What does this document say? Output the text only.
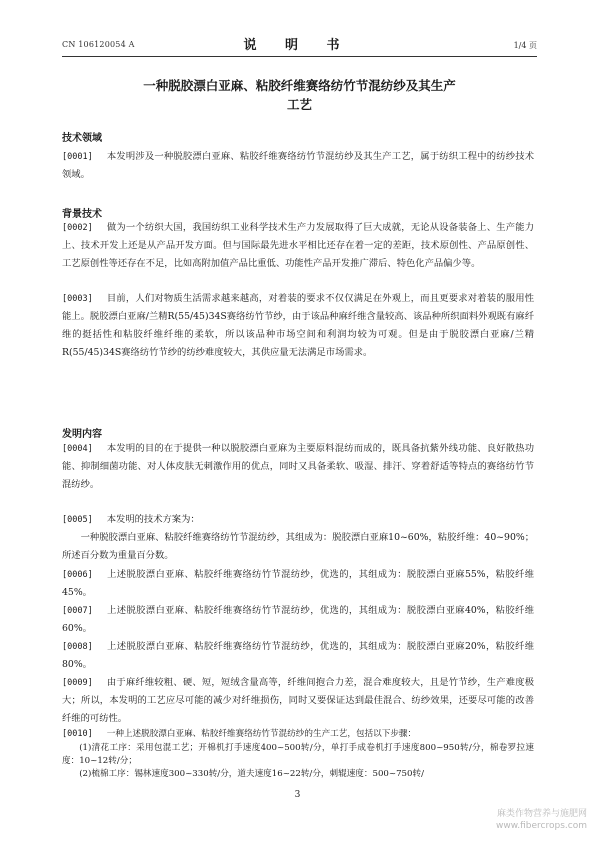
CN 106120054 A	说 明 书	1/4 页
一种脱胶漂白亚麻、粘胶纤维赛络纺竹节混纺纱及其生产
工艺
技术领域
[0001] 本发明涉及一种脱胶漂白亚麻、粘胶纤维赛络纺竹节混纺纱及其生产工艺，属于纺织工程中的纺纱技术领域。
背景技术
[0002] 做为一个纺织大国，我国纺织工业科学技术生产力发展取得了巨大成就，无论从设备装备上、生产能力上、技术开发上还是从产品开发方面。但与国际最先进水平相比还存在着一定的差距，技术原创性、产品原创性、工艺原创性等还存在不足，比如高附加值产品比重低、功能性产品开发推广滞后、特色化产品偏少等。
[0003] 目前，人们对物质生活需求越来越高，对着装的要求不仅仅满足在外观上，而且更要求对着装的服用性能上。脱胶漂白亚麻/兰精R(55/45)34S赛络纺竹节纱，由于该品种麻纤维含量较高、该品种所织面料外观既有麻纤维的挺括性和粘胶纤维纤维的柔软，所以该品种市场空间和利润均较为可观。但是由于脱胶漂白亚麻/兰精R(55/45)34S赛络纺竹节纱的纺纱难度较大，其供应量无法满足市场需求。
发明内容
[0004] 本发明的目的在于提供一种以脱胶漂白亚麻为主要原料混纺而成的，既具备抗紫外线功能、良好散热功能、抑制细菌功能、对人体皮肤无刺激作用的优点，同时又具备柔软、吸湿、排汗、穿着舒适等特点的赛络纺竹节混纺纱。
[0005] 本发明的技术方案为：
一种脱胶漂白亚麻、粘胶纤维赛络纺竹节混纺纱，其组成为：脱胶漂白亚麻10~60%，粘胶纤维：40~90%；所述百分数为重量百分数。
[0006] 上述脱胶漂白亚麻、粘胶纤维赛络纺竹节混纺纱，优选的，其组成为：脱胶漂白亚麻55%，粘胶纤维45%。
[0007] 上述脱胶漂白亚麻、粘胶纤维赛络纺竹节混纺纱，优选的，其组成为：脱胶漂白亚麻40%，粘胶纤维60%。
[0008] 上述脱胶漂白亚麻、粘胶纤维赛络纺竹节混纺纱，优选的，其组成为：脱胶漂白亚麻20%，粘胶纤维80%。
[0009] 由于麻纤维较粗、硬、短，短绒含量高等，纤维间抱合力差，混合难度较大，且是竹节纱，生产难度极大；所以，本发明的工艺应尽可能的减少对纤维损伤，同时又要保证达到最佳混合、纺纱效果，还要尽可能的改善纤维的可纺性。
[0010] 一种上述脱胶漂白亚麻、粘胶纤维赛络纺竹节混纺纱的生产工艺，包括以下步骤：
(1)清花工序：采用包混工艺；开棉机打手速度400~500转/分，单打手成卷机打手速度800~950转/分，棉卷罗拉速度：10~12转/分；
(2)梳棉工序：锡林速度300~330转/分，道夫速度16~22转/分，刺辊速度：500~750转/
3
麻类作物营养与施肥网
www.fibercrops.com
